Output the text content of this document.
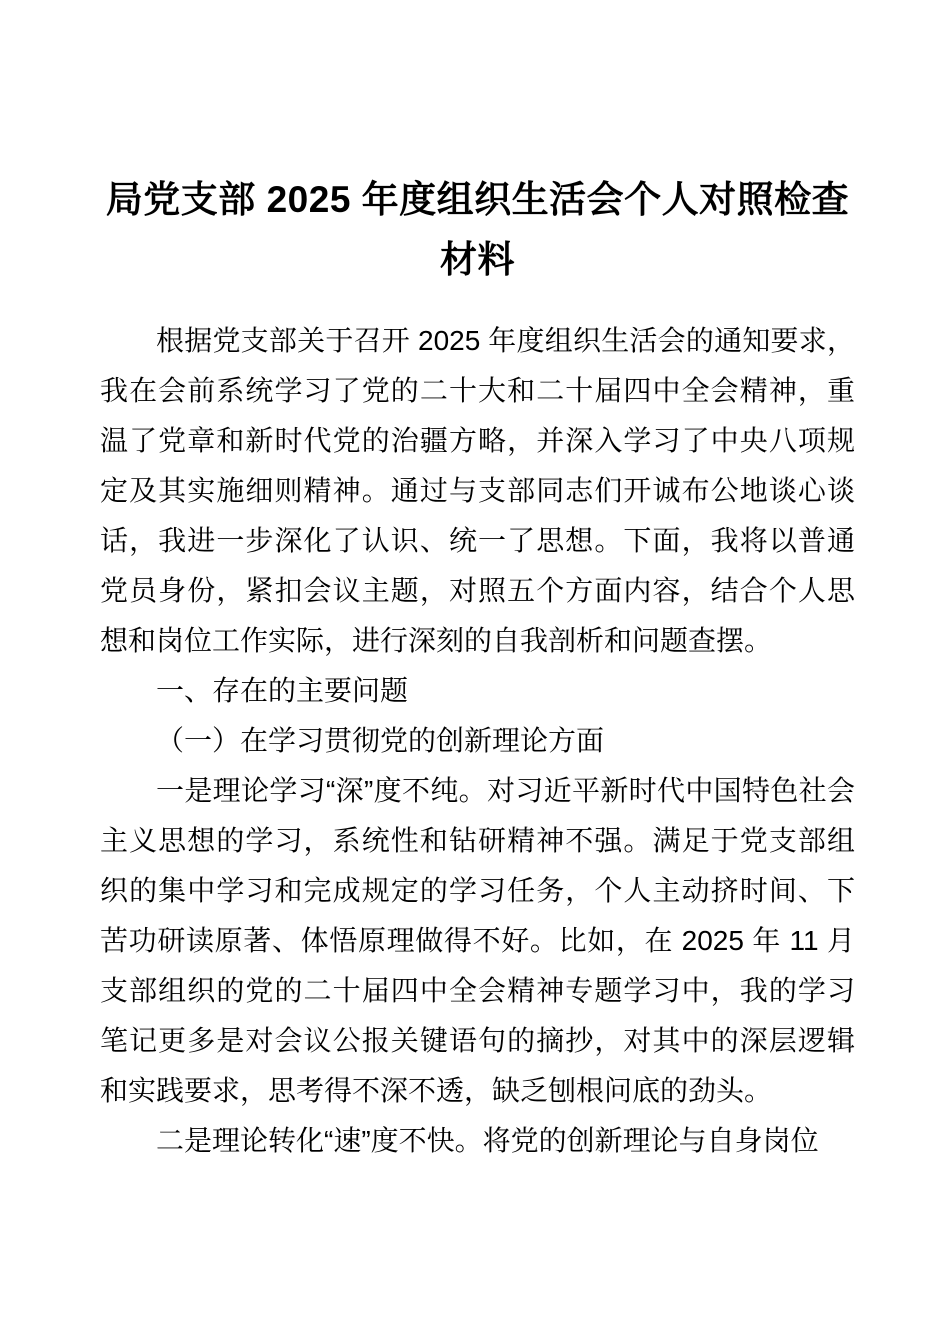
局党支部 2025 年度组织生活会个人对照检查材料

根据党支部关于召开 2025 年度组织生活会的通知要求，我在会前系统学习了党的二十大和二十届四中全会精神，重温了党章和新时代党的治疆方略，并深入学习了中央八项规定及其实施细则精神。通过与支部同志们开诚布公地谈心谈话，我进一步深化了认识、统一了思想。下面，我将以普通党员身份，紧扣会议主题，对照五个方面内容，结合个人思想和岗位工作实际，进行深刻的自我剖析和问题查摆。

一、存在的主要问题

（一）在学习贯彻党的创新理论方面

一是理论学习“深”度不纯。对习近平新时代中国特色社会主义思想的学习，系统性和钻研精神不强。满足于党支部组织的集中学习和完成规定的学习任务，个人主动挤时间、下苦功研读原著、体悟原理做得不好。比如，在 2025 年 11 月支部组织的党的二十届四中全会精神专题学习中，我的学习笔记更多是对会议公报关键语句的摘抄，对其中的深层逻辑和实践要求，思考得不深不透，缺乏刨根问底的劲头。

二是理论转化“速”度不快。将党的创新理论与自身岗位
